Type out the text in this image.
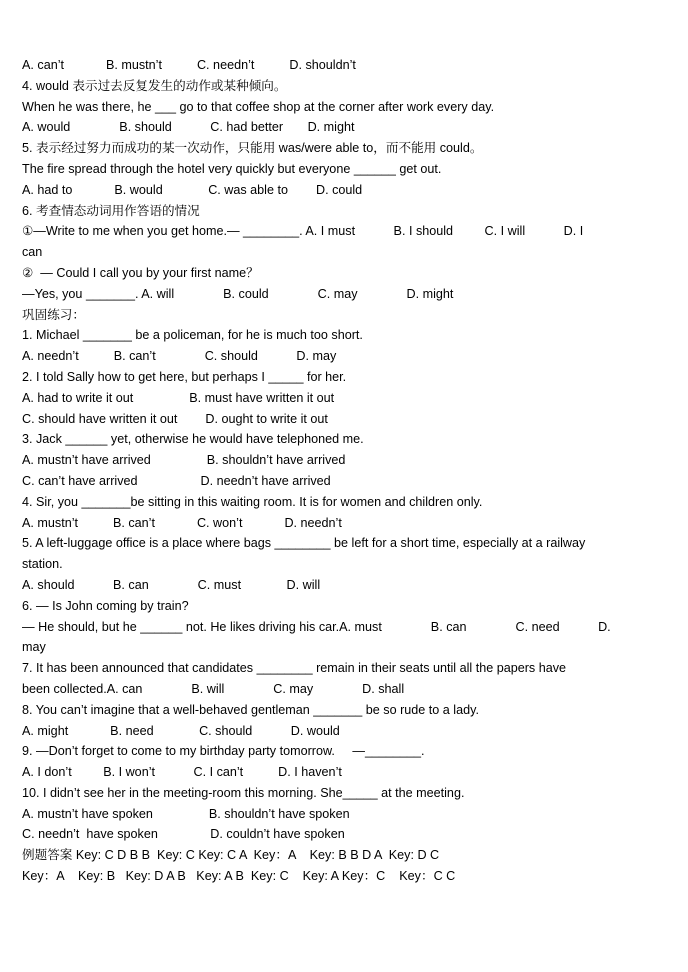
A. can’t            B. mustn’t          C. needn’t          D. shouldn’t
4. would 表示过去反复发生的动作或某种倾向。
When he was there, he ___ go to that coffee shop at the corner after work every day.
A. would              B. should           C. had better       D. might
5. 表示经过努力而成功的某一次动作，只能用 was/were able to，而不能用 could。
The fire spread through the hotel very quickly but everyone ______ get out.
A. had to            B. would             C. was able to        D. could
6. 考查情态动词用作答语的情况
①—Write to me when you get home.— ________. A. I must           B. I should         C. I will           D. I
can
②  — Could I call you by your first name？
—Yes, you _______. A. will              B. could              C. may              D. might
巩固练习：
1. Michael _______ be a policeman, for he is much too short.
A. needn’t          B. can’t              C. should           D. may
2. I told Sally how to get here, but perhaps I _____ for her.
A. had to write it out                B. must have written it out
C. should have written it out        D. ought to write it out
3. Jack ______ yet, otherwise he would have telephoned me.
A. mustn’t have arrived                B. shouldn’t have arrived
C. can’t have arrived                  D. needn’t have arrived
4. Sir, you _______be sitting in this waiting room. It is for women and children only.
A. mustn’t          B. can’t            C. won’t            D. needn’t
5. A left-luggage office is a place where bags ________ be left for a short time, especially at a railway
station.
A. should           B. can              C. must             D. will
6. — Is John coming by train?
— He should, but he ______ not. He likes driving his car.A. must              B. can              C. need           D.
may
7. It has been announced that candidates ________ remain in their seats until all the papers have
been collected.A. can              B. will              C. may              D. shall
8. You can’t imagine that a well-behaved gentleman _______ be so rude to a lady.
A. might            B. need             C. should           D. would
9. —Don’t forget to come to my birthday party tomorrow.     —________.
A. I don’t         B. I won’t           C. I can’t          D. I haven’t
10. I didn’t see her in the meeting-room this morning. She_____ at the meeting.
A. mustn’t have spoken                B. shouldn’t have spoken
C. needn’t  have spoken               D. couldn’t have spoken
例题答案 Key: C D B B  Key: C Key: C A  Key：A    Key: B B D A  Key: D C
Key：A    Key: B   Key: D A B   Key: A B  Key: C    Key: A Key：C    Key：C C
